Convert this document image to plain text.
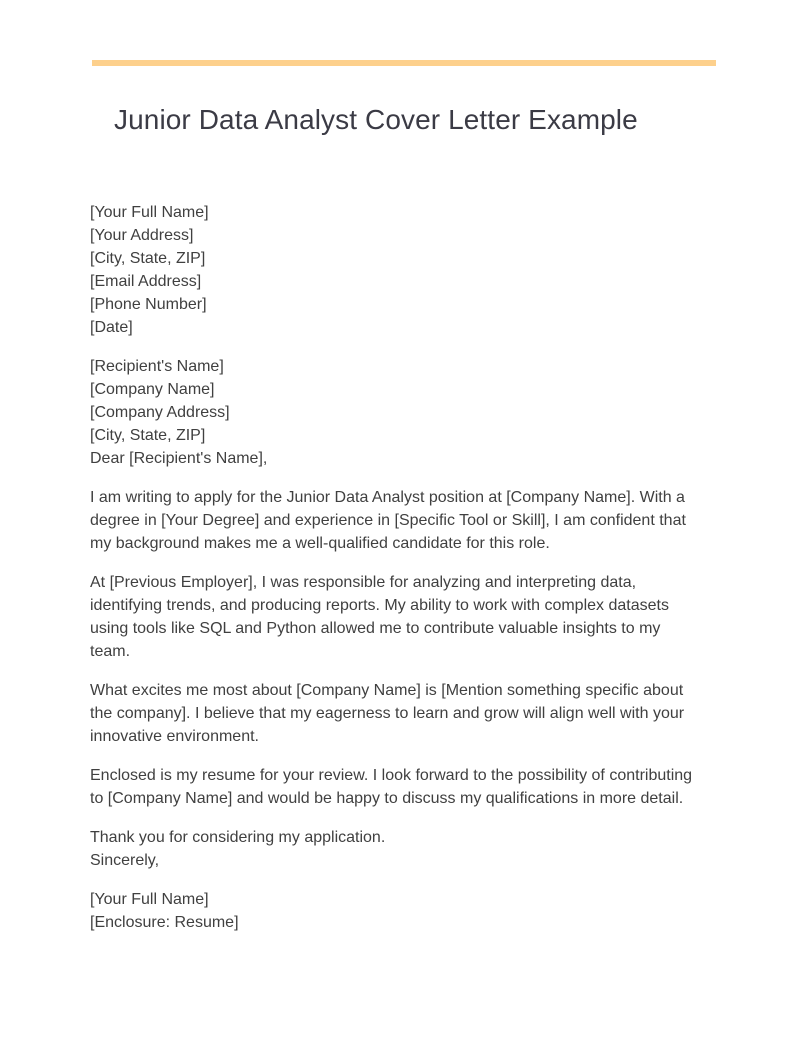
Junior Data Analyst Cover Letter Example
[Your Full Name]
[Your Address]
[City, State, ZIP]
[Email Address]
[Phone Number]
[Date]
[Recipient's Name]
[Company Name]
[Company Address]
[City, State, ZIP]
Dear [Recipient's Name],

I am writing to apply for the Junior Data Analyst position at [Company Name]. With a degree in [Your Degree] and experience in [Specific Tool or Skill], I am confident that my background makes me a well-qualified candidate for this role.

At [Previous Employer], I was responsible for analyzing and interpreting data, identifying trends, and producing reports. My ability to work with complex datasets using tools like SQL and Python allowed me to contribute valuable insights to my team.

What excites me most about [Company Name] is [Mention something specific about the company]. I believe that my eagerness to learn and grow will align well with your innovative environment.

Enclosed is my resume for your review. I look forward to the possibility of contributing to [Company Name] and would be happy to discuss my qualifications in more detail.

Thank you for considering my application.
Sincerely,
[Your Full Name]
[Enclosure: Resume]
